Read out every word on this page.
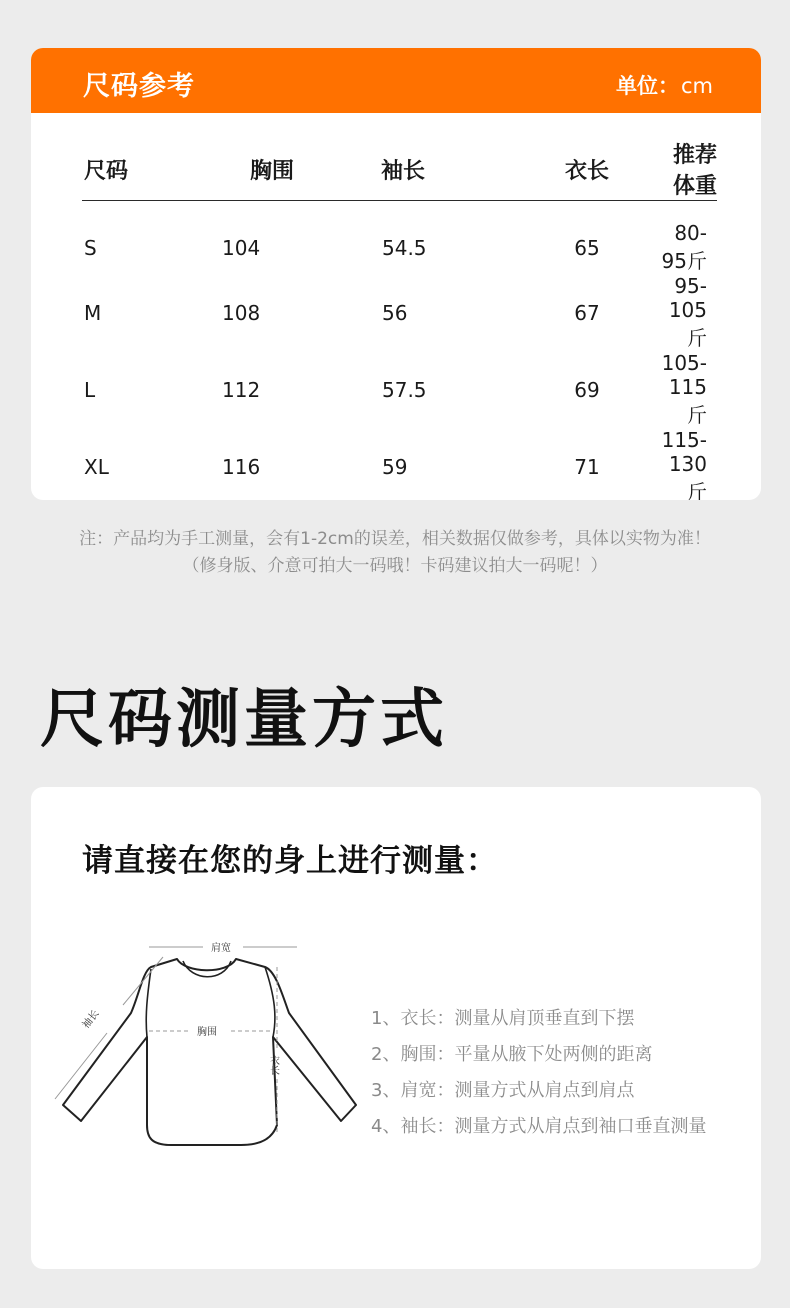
尺码参考	单位：cm
尺码	胸围	袖长	衣长	推荐体重
S	104	54.5	65	80-95斤
M	108	56	67	95-105斤
L	112	57.5	69	105-115斤
XL	116	59	71	115-130斤

注：产品均为手工测量，会有1-2cm的误差，相关数据仅做参考，具体以实物为准！
（修身版、介意可拍大一码哦！卡码建议拍大一码呢！）
尺码测量方式
请直接在您的身上进行测量：
肩宽
胸围
衣长
袖长	1、衣长：测量从肩顶垂直到下摆
2、胸围：平量从腋下处两侧的距离
3、肩宽：测量方式从肩点到肩点
4、袖长：测量方式从肩点到袖口垂直测量
